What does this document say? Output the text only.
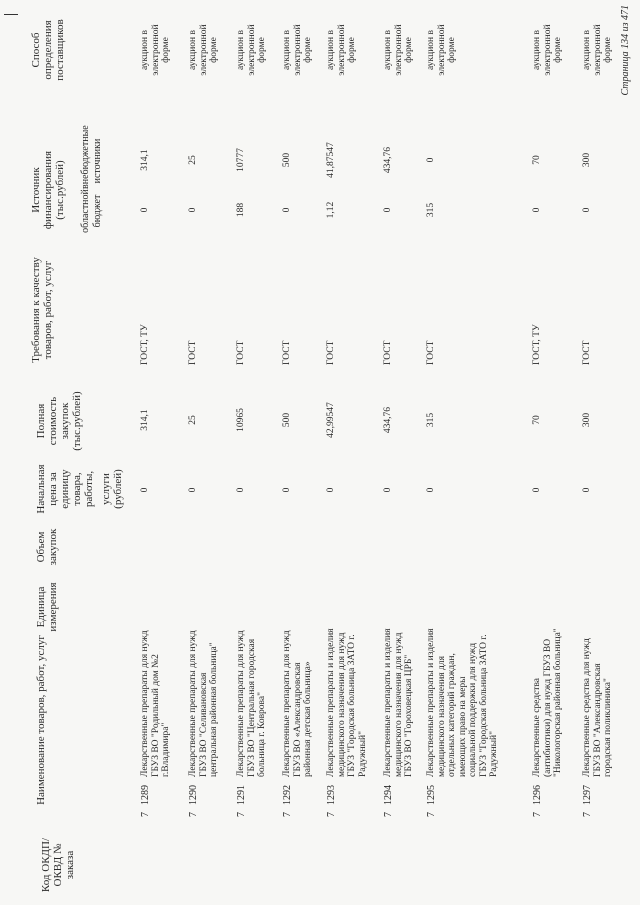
Код ОКДП/ ОКВД № заказа
Наименование товаров, работ, услуг
Единица измерения
Объем закупок
Начальная цена за единицу товара, работы, услуги (рублей)
Полная стоимость закупок (тыс.рублей)
Требования к качеству товаров, работ, услуг
Источник финансирования (тыс.рублей) областной бюджет
внебюджетные источники
Способ определения поставщиков
7
1289
Лекарственные препараты для нужд ГБУЗ ВО "Родильный дом №2 г.Владимира"
0
314,1
ГОСТ, ТУ
0
314,1
аукцион в электронной форме
7
1290
Лекарственные препараты для нужд ГБУЗ ВО "Селивановская центральная районная больница"
0
25
ГОСТ
0
25
аукцион в электронной форме
7
1291
Лекарственные препараты для нужд ГБУЗ ВО "Центральная городская больница г. Коврова"
0
10965
ГОСТ
188
10777
аукцион в электронной форме
7
1292
Лекарственные препараты для нужд ГБУЗ ВО «Александровская районная детская больница»
0
500
ГОСТ
0
500
аукцион в электронной форме
7
1293
Лекарственные препараты и изделия медицинского назначения для нужд ГБУЗ "Городская больница ЗАТО г. Радужный"
0
42,99547
ГОСТ
1,12
41,87547
аукцион в электронной форме
7
1294
Лекарственные препараты и изделия медицинского назначения для нужд ГБУЗ ВО "Гороховецкая ЦРБ"
0
434,76
ГОСТ
0
434,76
аукцион в электронной форме
7
1295
Лекарственные препараты и изделия медицинского назначения для отдельных категорий граждан, имеющих право на меры социальной поддержки для нужд ГБУЗ "Городская больница ЗАТО г. Радужный"
0
315
ГОСТ
315
0
аукцион в электронной форме
7
1296
Лекарственные средства (антибиотики) для нужд ГБУЗ ВО "Никологорская районная больница"
0
70
ГОСТ, ТУ
0
70
аукцион в электронной форме
7
1297
Лекарственные средства для нужд ГБУЗ ВО "Александровская городская поликлиника"
0
300
ГОСТ
0
300
аукцион в электронной форме Страница 134 из 471
